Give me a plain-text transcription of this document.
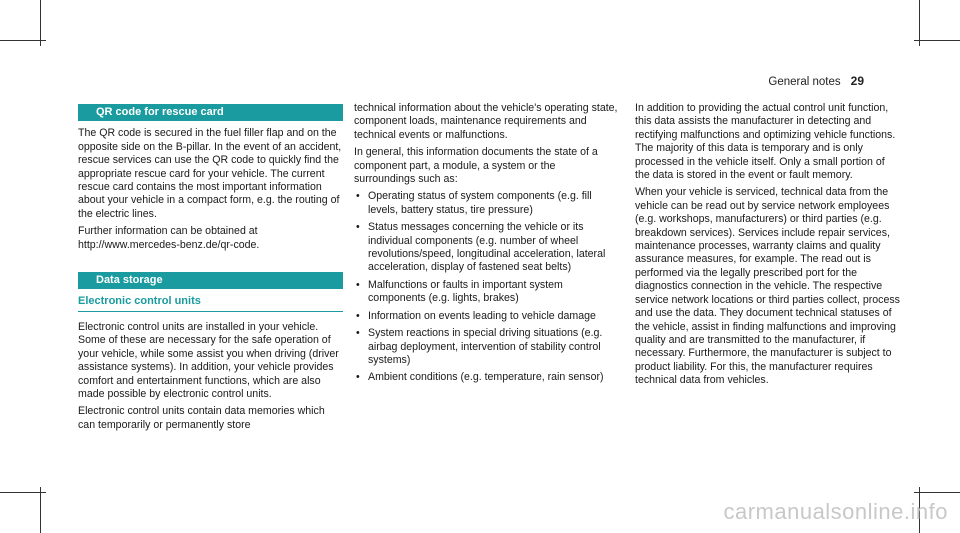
General notes 29
QR code for rescue card

The QR code is secured in the fuel filler flap and on the opposite side on the B-pillar. In the event of an accident, rescue services can use the QR code to quickly find the appropriate rescue card for your vehicle. The current rescue card contains the most important information about your vehicle in a compact form, e.g. the routing of the electric lines.

Further information can be obtained at http://www.mercedes-benz.de/qr-code.

Data storage
Electronic control units

Electronic control units are installed in your vehicle. Some of these are necessary for the safe operation of your vehicle, while some assist you when driving (driver assistance systems). In addition, your vehicle provides comfort and entertainment functions, which are also made possible by electronic control units.

Electronic control units contain data memories which can temporarily or permanently store

technical information about the vehicle's operating state, component loads, maintenance requirements and technical events or malfunctions.

In general, this information documents the state of a component part, a module, a system or the surroundings such as:

• Operating status of system components (e.g. fill levels, battery status, tire pressure)
• Status messages concerning the vehicle or its individual components (e.g. number of wheel revolutions/speed, longitudinal acceleration, lateral acceleration, display of fastened seat belts)
• Malfunctions or faults in important system components (e.g. lights, brakes)
• Information on events leading to vehicle damage
• System reactions in special driving situations (e.g. airbag deployment, intervention of stability control systems)
• Ambient conditions (e.g. temperature, rain sensor)

In addition to providing the actual control unit function, this data assists the manufacturer in detecting and rectifying malfunctions and optimizing vehicle functions. The majority of this data is temporary and is only processed in the vehicle itself. Only a small portion of the data is stored in the event or fault memory.

When your vehicle is serviced, technical data from the vehicle can be read out by service network employees (e.g. workshops, manufacturers) or third parties (e.g. breakdown services). Services include repair services, maintenance processes, warranty claims and quality assurance measures, for example. The read out is performed via the legally prescribed port for the diagnostics connection in the vehicle. The respective service network locations or third parties collect, process and use the data. They document technical statuses of the vehicle, assist in finding malfunctions and improving quality and are transmitted to the manufacturer, if necessary. Furthermore, the manufacturer is subject to product liability. For this, the manufacturer requires technical data from vehicles.

carmanualsonline.info
